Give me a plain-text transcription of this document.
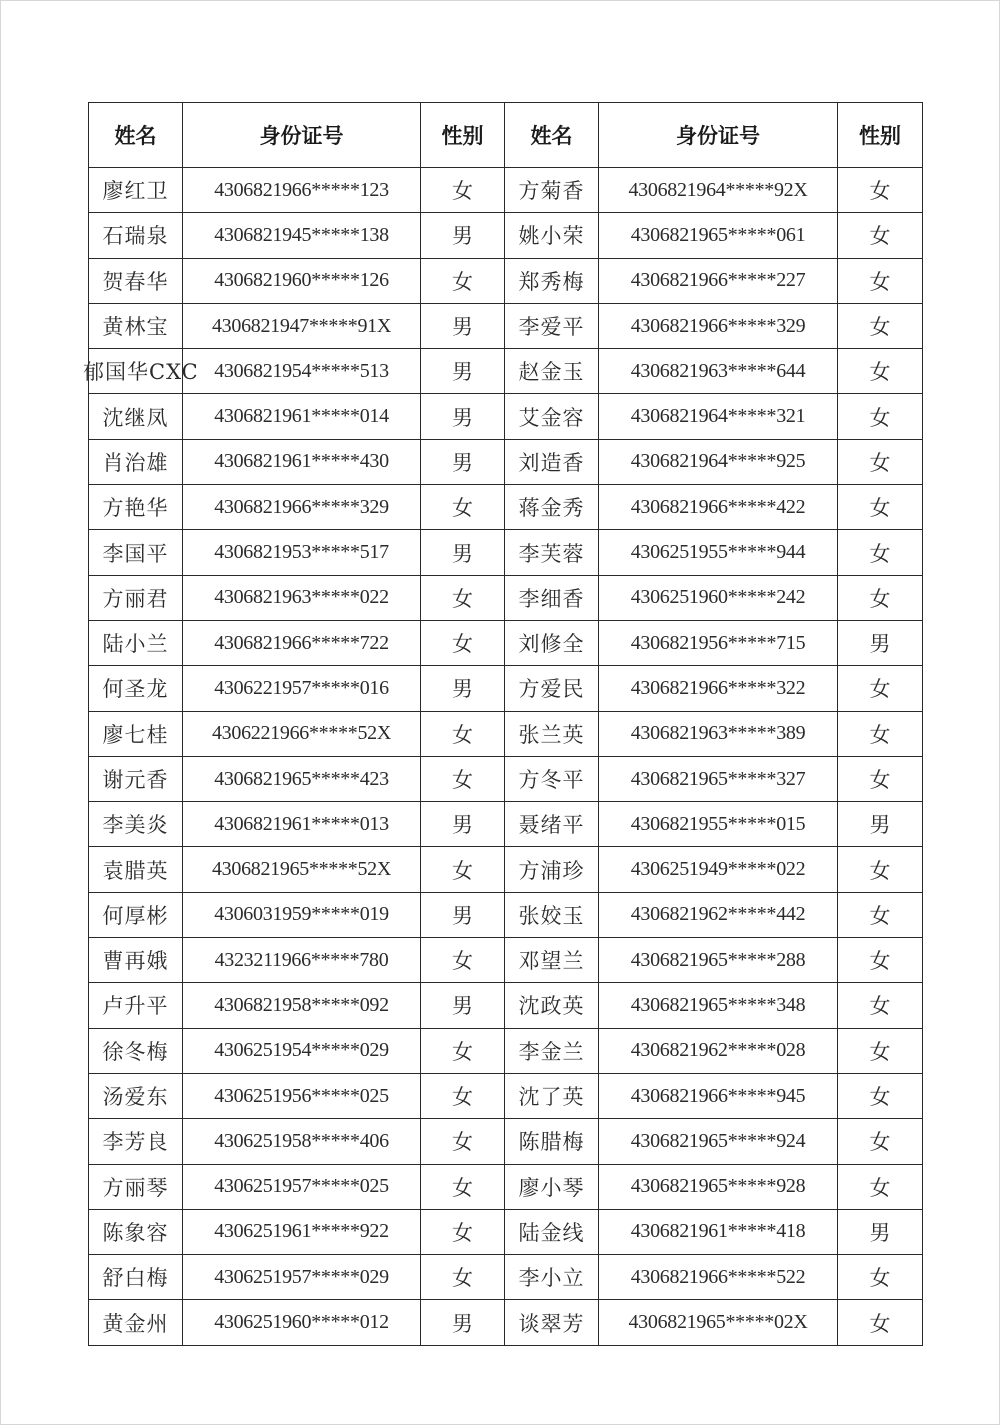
姓名	身份证号	性别	姓名	身份证号	性别
廖红卫	4306821966*****123	女	方菊香	4306821964*****92X	女
石瑞泉	4306821945*****138	男	姚小荣	4306821965*****061	女
贺春华	4306821960*****126	女	郑秀梅	4306821966*****227	女
黄林宝	4306821947*****91X	男	李爱平	4306821966*****329	女
郁国华CXC	4306821954*****513	男	赵金玉	4306821963*****644	女
沈继凤	4306821961*****014	男	艾金容	4306821964*****321	女
肖治雄	4306821961*****430	男	刘造香	4306821964*****925	女
方艳华	4306821966*****329	女	蒋金秀	4306821966*****422	女
李国平	4306821953*****517	男	李芙蓉	4306251955*****944	女
方丽君	4306821963*****022	女	李细香	4306251960*****242	女
陆小兰	4306821966*****722	女	刘修全	4306821956*****715	男
何圣龙	4306221957*****016	男	方爱民	4306821966*****322	女
廖七桂	4306221966*****52X	女	张兰英	4306821963*****389	女
谢元香	4306821965*****423	女	方冬平	4306821965*****327	女
李美炎	4306821961*****013	男	聂绪平	4306821955*****015	男
袁腊英	4306821965*****52X	女	方浦珍	4306251949*****022	女
何厚彬	4306031959*****019	男	张姣玉	4306821962*****442	女
曹再娥	4323211966*****780	女	邓望兰	4306821965*****288	女
卢升平	4306821958*****092	男	沈政英	4306821965*****348	女
徐冬梅	4306251954*****029	女	李金兰	4306821962*****028	女
汤爱东	4306251956*****025	女	沈了英	4306821966*****945	女
李芳良	4306251958*****406	女	陈腊梅	4306821965*****924	女
方丽琴	4306251957*****025	女	廖小琴	4306821965*****928	女
陈象容	4306251961*****922	女	陆金线	4306821961*****418	男
舒白梅	4306251957*****029	女	李小立	4306821966*****522	女
黄金州	4306251960*****012	男	谈翠芳	4306821965*****02X	女
